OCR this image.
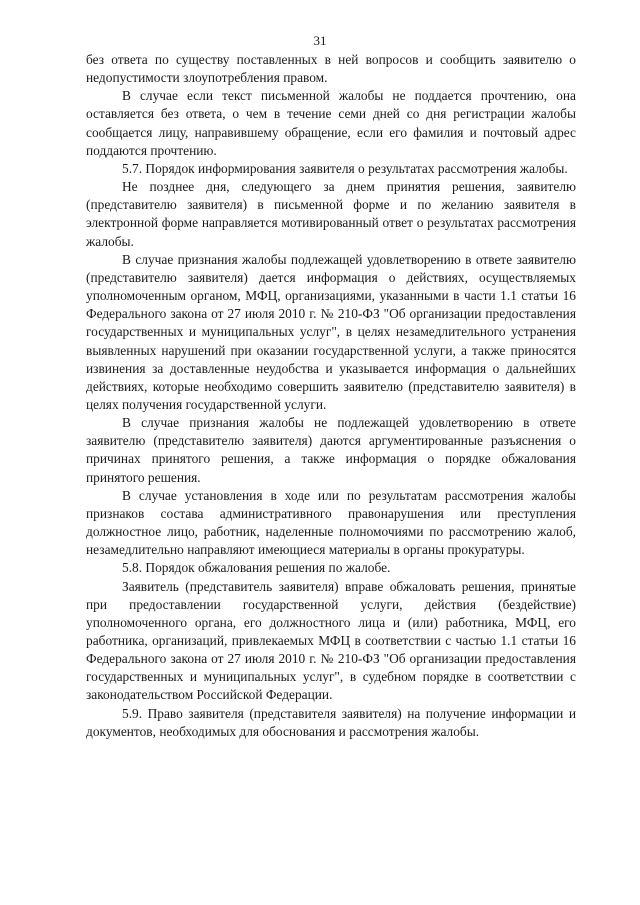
31

без ответа по существу поставленных в ней вопросов и сообщить заявителю о недопустимости злоупотребления правом.

В случае если текст письменной жалобы не поддается прочтению, она оставляется без ответа, о чем в течение семи дней со дня регистрации жалобы сообщается лицу, направившему обращение, если его фамилия и почтовый адрес поддаются прочтению.

5.7. Порядок информирования заявителя о результатах рассмотрения жалобы.

Не позднее дня, следующего за днем принятия решения, заявителю (представителю заявителя) в письменной форме и по желанию заявителя в электронной форме направляется мотивированный ответ о результатах рассмотрения жалобы.

В случае признания жалобы подлежащей удовлетворению в ответе заявителю (представителю заявителя) дается информация о действиях, осуществляемых уполномоченным органом, МФЦ, организациями, указанными в части 1.1 статьи 16 Федерального закона от 27 июля 2010 г. № 210-ФЗ "Об организации предоставления государственных и муниципальных услуг", в целях незамедлительного устранения выявленных нарушений при оказании государственной услуги, а также приносятся извинения за доставленные неудобства и указывается информация о дальнейших действиях, которые необходимо совершить заявителю (представителю заявителя) в целях получения государственной услуги.

В случае признания жалобы не подлежащей удовлетворению в ответе заявителю (представителю заявителя) даются аргументированные разъяснения о причинах принятого решения, а также информация о порядке обжалования принятого решения.

В случае установления в ходе или по результатам рассмотрения жалобы признаков состава административного правонарушения или преступления должностное лицо, работник, наделенные полномочиями по рассмотрению жалоб, незамедлительно направляют имеющиеся материалы в органы прокуратуры.

5.8. Порядок обжалования решения по жалобе.

Заявитель (представитель заявителя) вправе обжаловать решения, принятые при предоставлении государственной услуги, действия (бездействие) уполномоченного органа, его должностного лица и (или) работника, МФЦ, его работника, организаций, привлекаемых МФЦ в соответствии с частью 1.1 статьи 16 Федерального закона от 27 июля 2010 г. № 210-ФЗ "Об организации предоставления государственных и муниципальных услуг", в судебном порядке в соответствии с законодательством Российской Федерации.

5.9. Право заявителя (представителя заявителя) на получение информации и документов, необходимых для обоснования и рассмотрения жалобы.
